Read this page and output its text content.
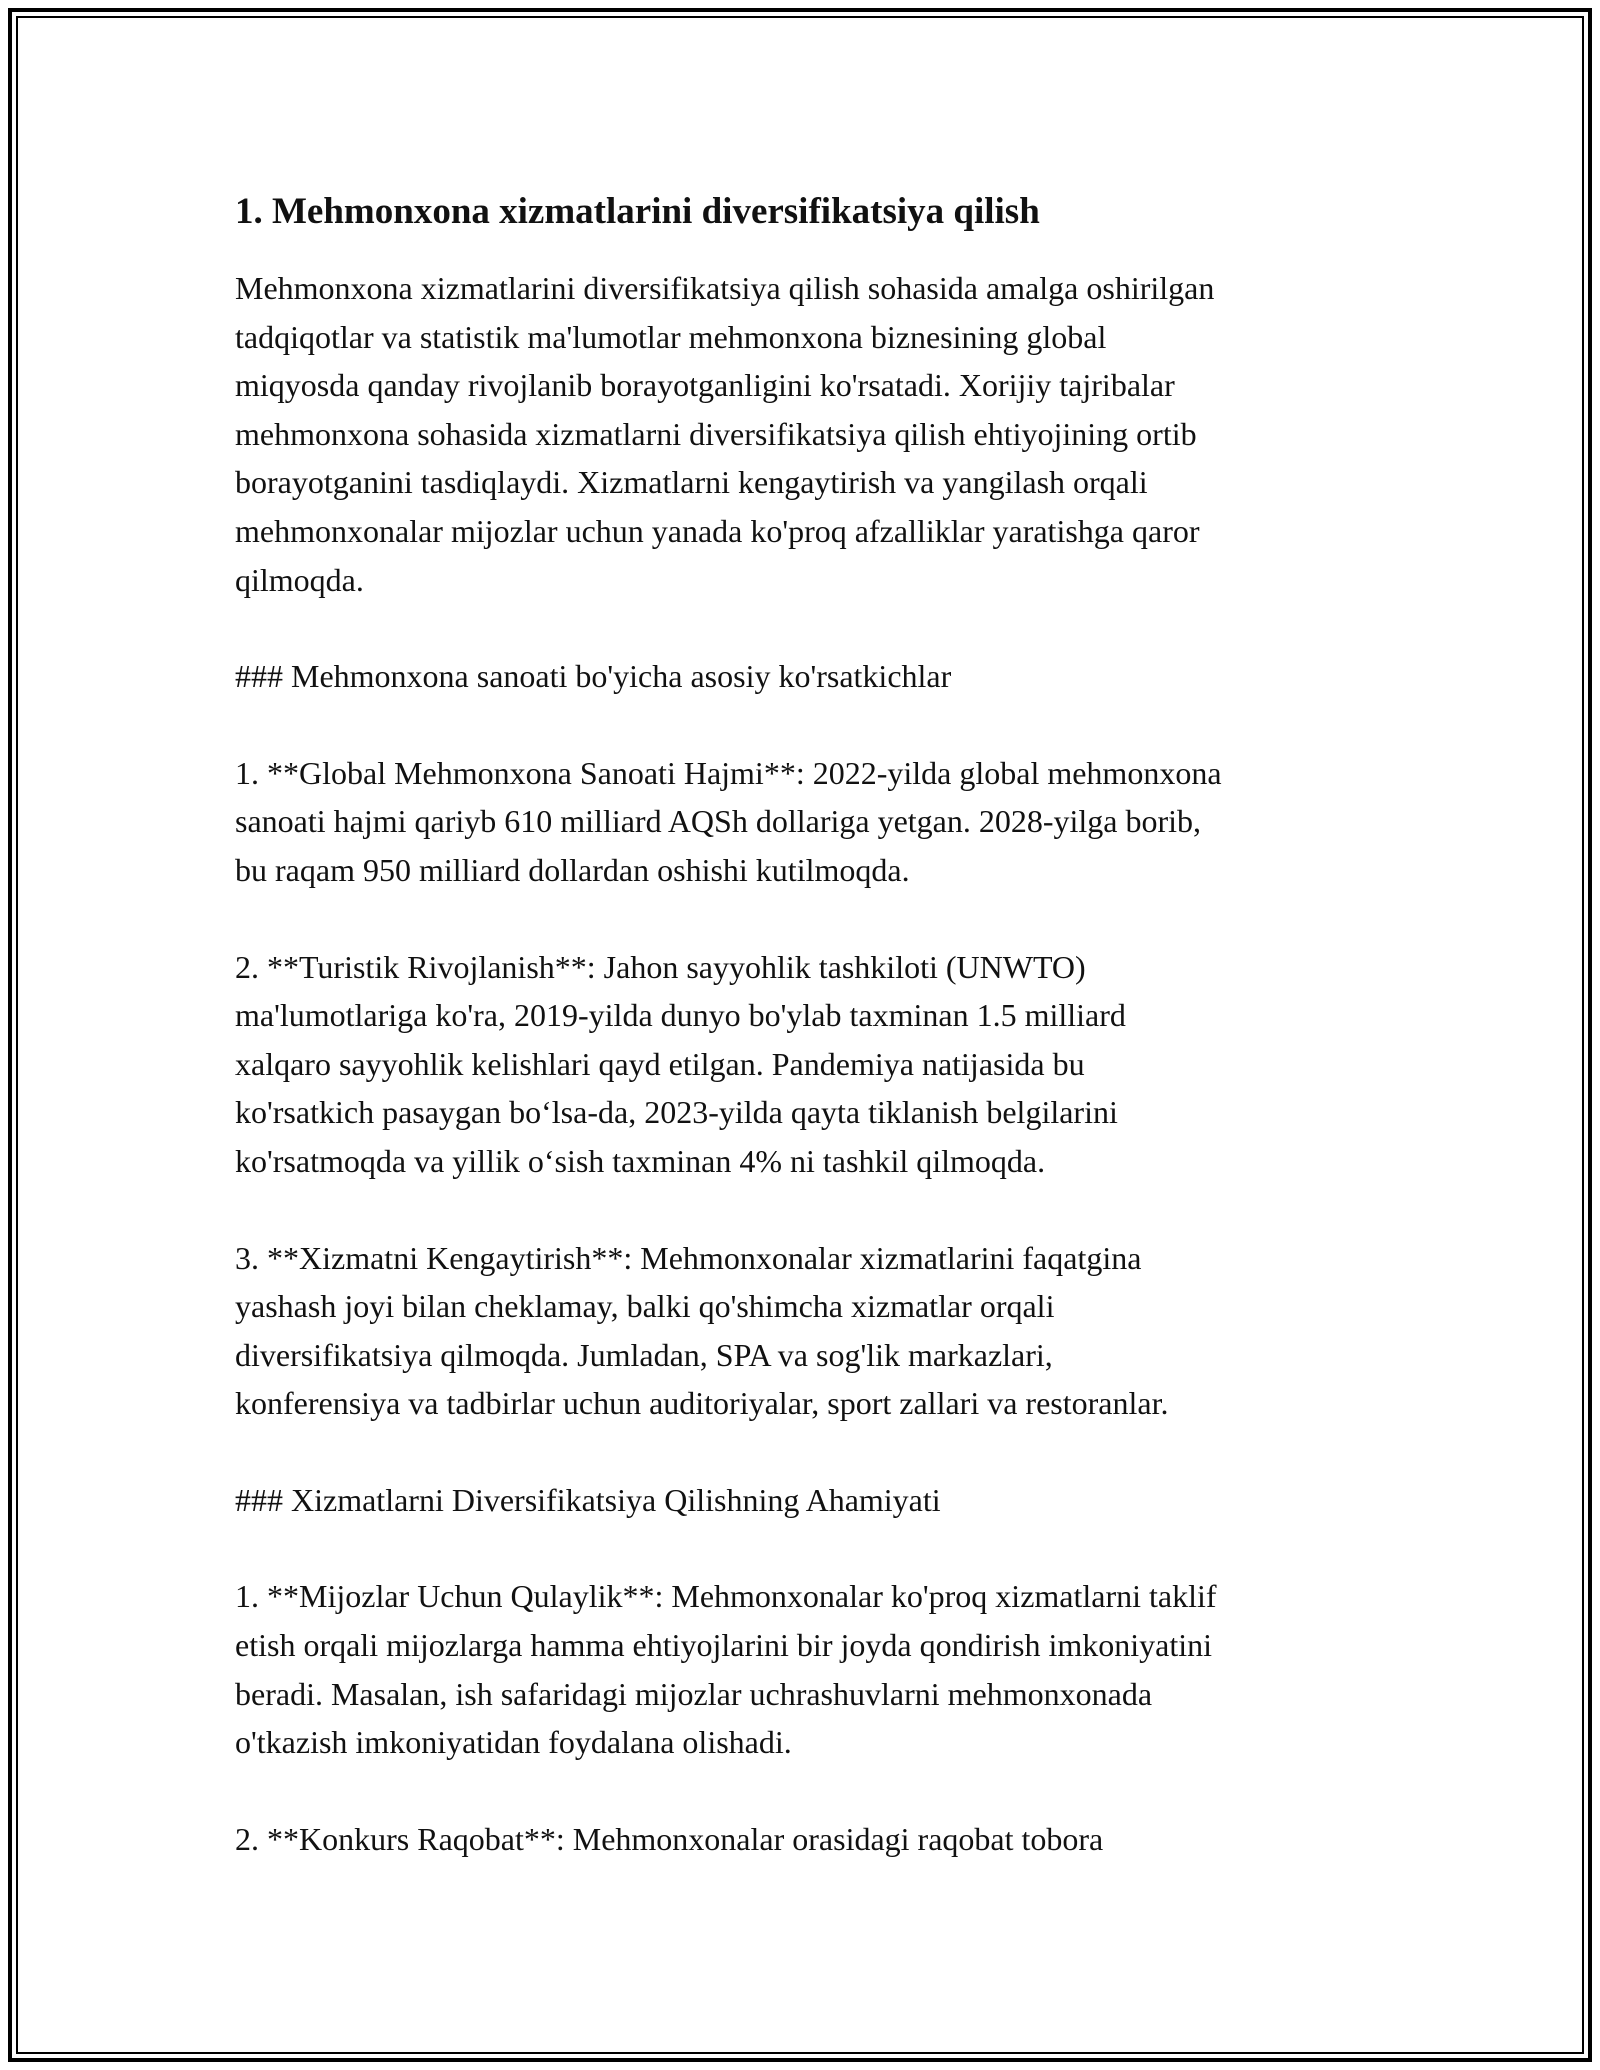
1. Mehmonxona xizmatlarini diversifikatsiya qilish

Mehmonxona xizmatlarini diversifikatsiya qilish sohasida amalga oshirilgan
tadqiqotlar va statistik ma'lumotlar mehmonxona biznesining global
miqyosda qanday rivojlanib borayotganligini ko'rsatadi. Xorijiy tajribalar
mehmonxona sohasida xizmatlarni diversifikatsiya qilish ehtiyojining ortib
borayotganini tasdiqlaydi. Xizmatlarni kengaytirish va yangilash orqali
mehmonxonalar mijozlar uchun yanada ko'proq afzalliklar yaratishga qaror
qilmoqda.

### Mehmonxona sanoati bo'yicha asosiy ko'rsatkichlar

1. **Global Mehmonxona Sanoati Hajmi**: 2022-yilda global mehmonxona
sanoati hajmi qariyb 610 milliard AQSh dollariga yetgan. 2028-yilga borib,
bu raqam 950 milliard dollardan oshishi kutilmoqda.

2. **Turistik Rivojlanish**: Jahon sayyohlik tashkiloti (UNWTO)
ma'lumotlariga ko'ra, 2019-yilda dunyo bo'ylab taxminan 1.5 milliard
xalqaro sayyohlik kelishlari qayd etilgan. Pandemiya natijasida bu
ko'rsatkich pasaygan bo‘lsa-da, 2023-yilda qayta tiklanish belgilarini
ko'rsatmoqda va yillik o‘sish taxminan 4% ni tashkil qilmoqda.

3. **Xizmatni Kengaytirish**: Mehmonxonalar xizmatlarini faqatgina
yashash joyi bilan cheklamay, balki qo'shimcha xizmatlar orqali
diversifikatsiya qilmoqda. Jumladan, SPA va sog'lik markazlari,
konferensiya va tadbirlar uchun auditoriyalar, sport zallari va restoranlar.

### Xizmatlarni Diversifikatsiya Qilishning Ahamiyati

1. **Mijozlar Uchun Qulaylik**: Mehmonxonalar ko'proq xizmatlarni taklif
etish orqali mijozlarga hamma ehtiyojlarini bir joyda qondirish imkoniyatini
beradi. Masalan, ish safaridagi mijozlar uchrashuvlarni mehmonxonada
o'tkazish imkoniyatidan foydalana olishadi.

2. **Konkurs Raqobat**: Mehmonxonalar orasidagi raqobat tobora
